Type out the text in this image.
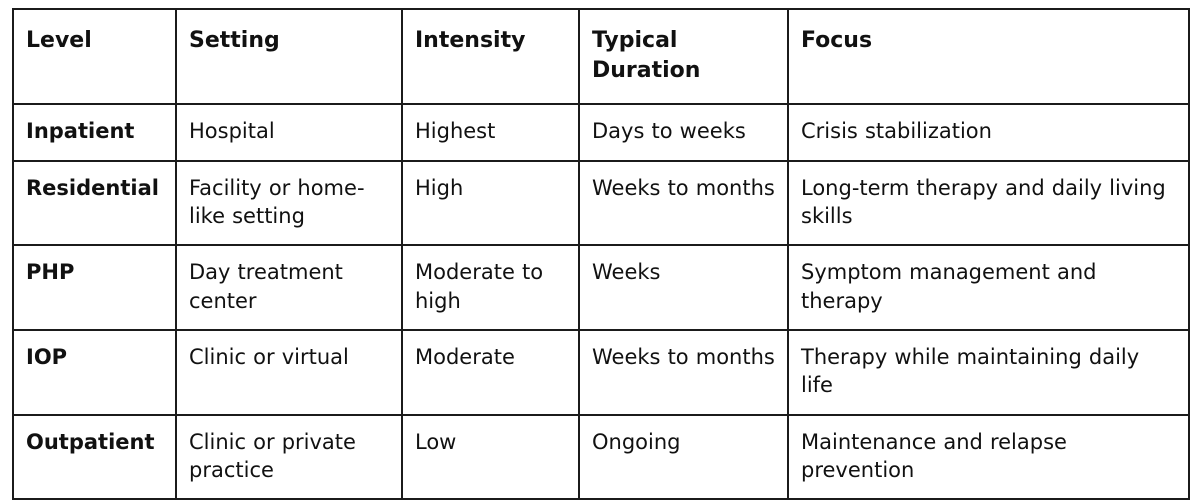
Level	Setting	Intensity	Typical Duration	Focus
Inpatient	Hospital	Highest	Days to weeks	Crisis stabilization
Residential	Facility or home-like setting	High	Weeks to months	Long-term therapy and daily living skills
PHP	Day treatment center	Moderate to high	Weeks	Symptom management and therapy
IOP	Clinic or virtual	Moderate	Weeks to months	Therapy while maintaining daily life
Outpatient	Clinic or private practice	Low	Ongoing	Maintenance and relapse prevention
